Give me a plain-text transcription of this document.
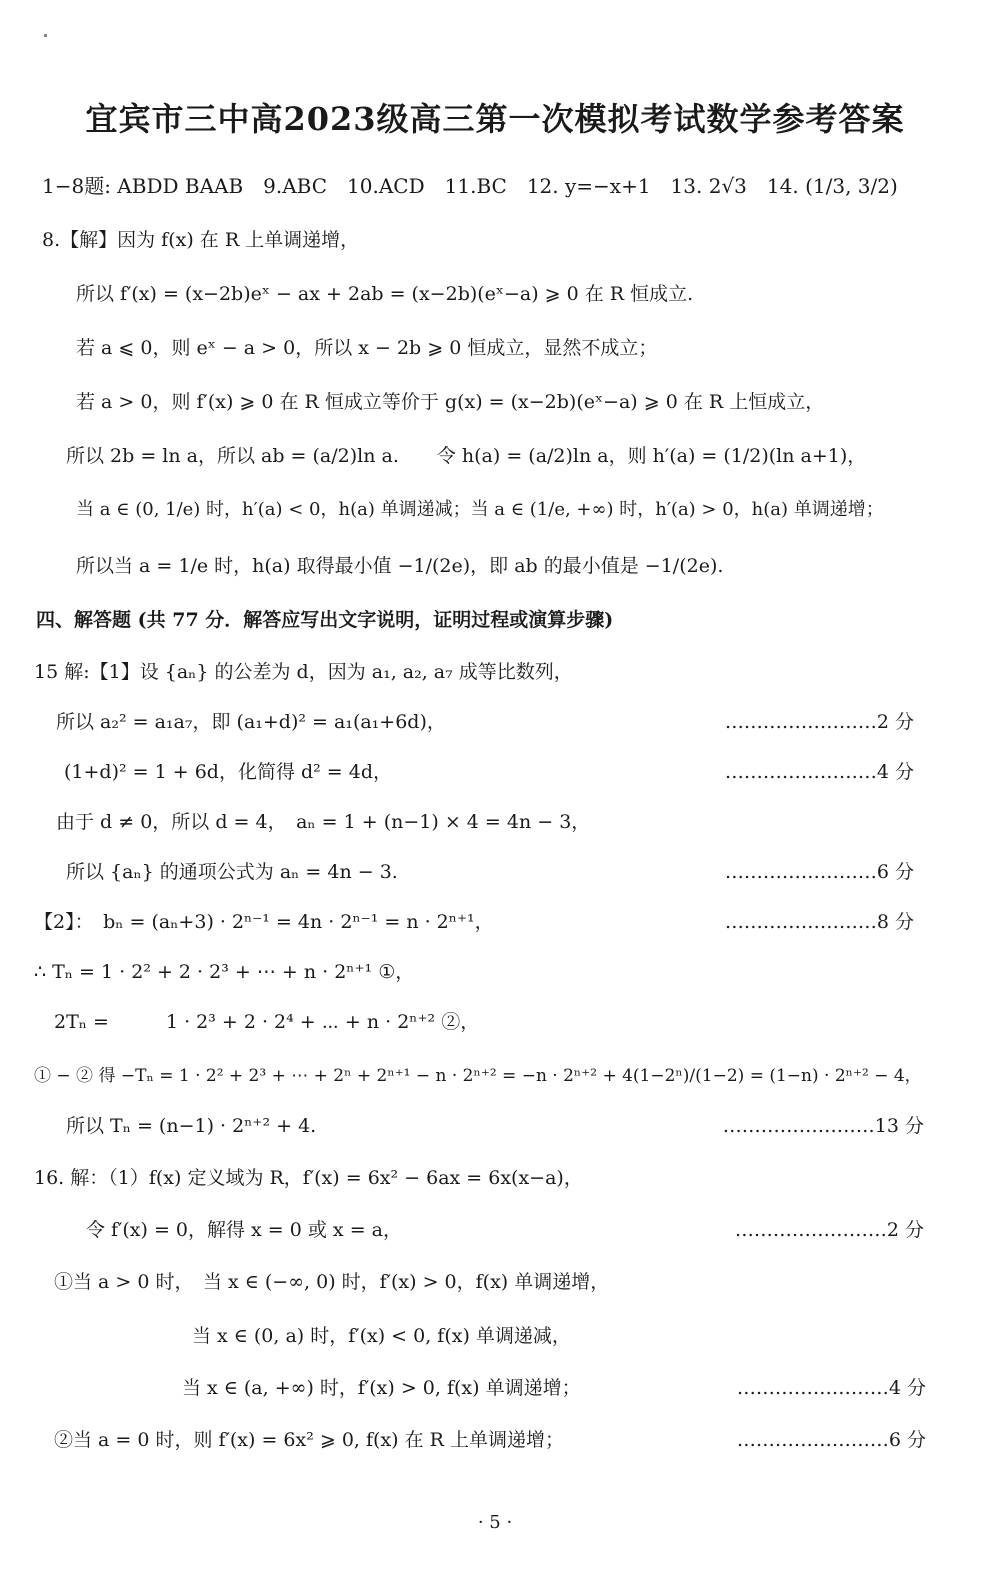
宜宾市三中高2023级高三第一次模拟考试数学参考答案
1−8题: ABDD BAAB　9.ABC　10.ACD　11.BC　12. y=−x+1　13. 2√3　14. (1/3, 3/2)
8.【解】因为 f(x) 在 R 上单调递增，
所以 f′(x) = (x−2b)eˣ − ax + 2ab = (x−2b)(eˣ−a) ⩾ 0 在 R 恒成立.
若 a ⩽ 0，则 eˣ − a > 0，所以 x − 2b ⩾ 0 恒成立，显然不成立；
若 a > 0，则 f′(x) ⩾ 0 在 R 恒成立等价于 g(x) = (x−2b)(eˣ−a) ⩾ 0 在 R 上恒成立，
所以 2b = ln a，所以 ab = (a/2)ln a.　　令 h(a) = (a/2)ln a，则 h′(a) = (1/2)(ln a+1)，
当 a ∈ (0, 1/e) 时，h′(a) < 0，h(a) 单调递减；当 a ∈ (1/e, +∞) 时，h′(a) > 0，h(a) 单调递增；
所以当 a = 1/e 时，h(a) 取得最小值 −1/(2e)，即 ab 的最小值是 −1/(2e).
四、解答题 (共 77 分．解答应写出文字说明，证明过程或演算步骤)
15 解:【1】设 {aₙ} 的公差为 d，因为 a₁, a₂, a₇ 成等比数列，
所以 a₂² = a₁a₇，即 (a₁+d)² = a₁(a₁+6d)，	……………………2 分
(1+d)² = 1 + 6d，化简得 d² = 4d，	……………………4 分
由于 d ≠ 0，所以 d = 4，　aₙ = 1 + (n−1) × 4 = 4n − 3，
所以 {aₙ} 的通项公式为 aₙ = 4n − 3.	……………………6 分
【2】：　bₙ = (aₙ+3) · 2ⁿ⁻¹ = 4n · 2ⁿ⁻¹ = n · 2ⁿ⁺¹，	……………………8 分
∴ Tₙ = 1 · 2² + 2 · 2³ + ⋯ + n · 2ⁿ⁺¹ ①，
2Tₙ =　　　1 · 2³ + 2 · 2⁴ + ⋯ + n · 2ⁿ⁺² ②，
① − ② 得 −Tₙ = 1 · 2² + 2³ + ⋯ + 2ⁿ + 2ⁿ⁺¹ − n · 2ⁿ⁺² = −n · 2ⁿ⁺² + 4(1−2ⁿ)/(1−2) = (1−n) · 2ⁿ⁺² − 4，
所以 Tₙ = (n−1) · 2ⁿ⁺² + 4.	……………………13 分
16. 解：（1）f(x) 定义域为 R，f′(x) = 6x² − 6ax = 6x(x−a)，
令 f′(x) = 0，解得 x = 0 或 x = a，	……………………2 分
①当 a > 0 时，　当 x ∈ (−∞, 0) 时，f′(x) > 0，f(x) 单调递增，
当 x ∈ (0, a) 时，f′(x) < 0, f(x) 单调递减，
当 x ∈ (a, +∞) 时，f′(x) > 0, f(x) 单调递增；	……………………4 分
②当 a = 0 时，则 f′(x) = 6x² ⩾ 0, f(x) 在 R 上单调递增；	……………………6 分
· 5 ·
